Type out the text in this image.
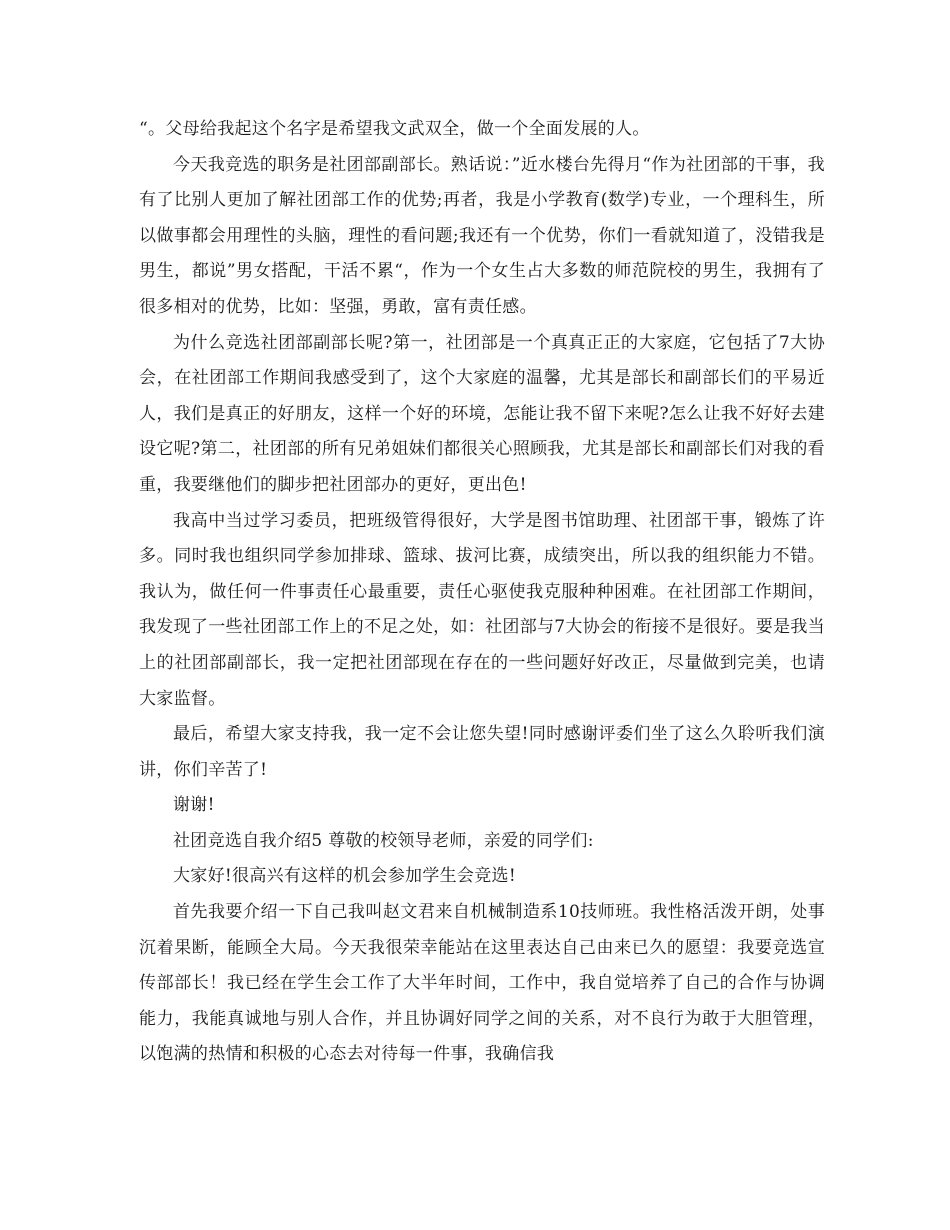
“。父母给我起这个名字是希望我文武双全，做一个全面发展的人。

今天我竞选的职务是社团部副部长。熟话说：”近水楼台先得月“作为社团部的干事，我有了比别人更加了解社团部工作的优势;再者，我是小学教育(数学)专业，一个理科生，所以做事都会用理性的头脑，理性的看问题;我还有一个优势，你们一看就知道了，没错我是男生，都说”男女搭配，干活不累“，作为一个女生占大多数的师范院校的男生，我拥有了很多相对的优势，比如：坚强，勇敢，富有责任感。

为什么竞选社团部副部长呢?第一，社团部是一个真真正正的大家庭，它包括了7大协会，在社团部工作期间我感受到了，这个大家庭的温馨，尤其是部长和副部长们的平易近人，我们是真正的好朋友，这样一个好的环境，怎能让我不留下来呢?怎么让我不好好去建设它呢?第二，社团部的所有兄弟姐妹们都很关心照顾我，尤其是部长和副部长们对我的看重，我要继他们的脚步把社团部办的更好，更出色!

我高中当过学习委员，把班级管得很好，大学是图书馆助理、社团部干事，锻炼了许多。同时我也组织同学参加排球、篮球、拔河比赛，成绩突出，所以我的组织能力不错。我认为，做任何一件事责任心最重要，责任心驱使我克服种种困难。在社团部工作期间，我发现了一些社团部工作上的不足之处，如：社团部与7大协会的衔接不是很好。要是我当上的社团部副部长，我一定把社团部现在存在的一些问题好好改正，尽量做到完美，也请大家监督。

最后，希望大家支持我，我一定不会让您失望!同时感谢评委们坐了这么久聆听我们演讲，你们辛苦了!

谢谢!

社团竞选自我介绍5 尊敬的校领导老师，亲爱的同学们:

大家好!很高兴有这样的机会参加学生会竞选!

首先我要介绍一下自己我叫赵文君来自机械制造系10技师班。我性格活泼开朗，处事沉着果断，能顾全大局。今天我很荣幸能站在这里表达自己由来已久的愿望：我要竞选宣传部部长！我已经在学生会工作了大半年时间，工作中，我自觉培养了自己的合作与协调能力，我能真诚地与别人合作，并且协调好同学之间的关系，对不良行为敢于大胆管理，以饱满的热情和积极的心态去对待每一件事，我确信我
